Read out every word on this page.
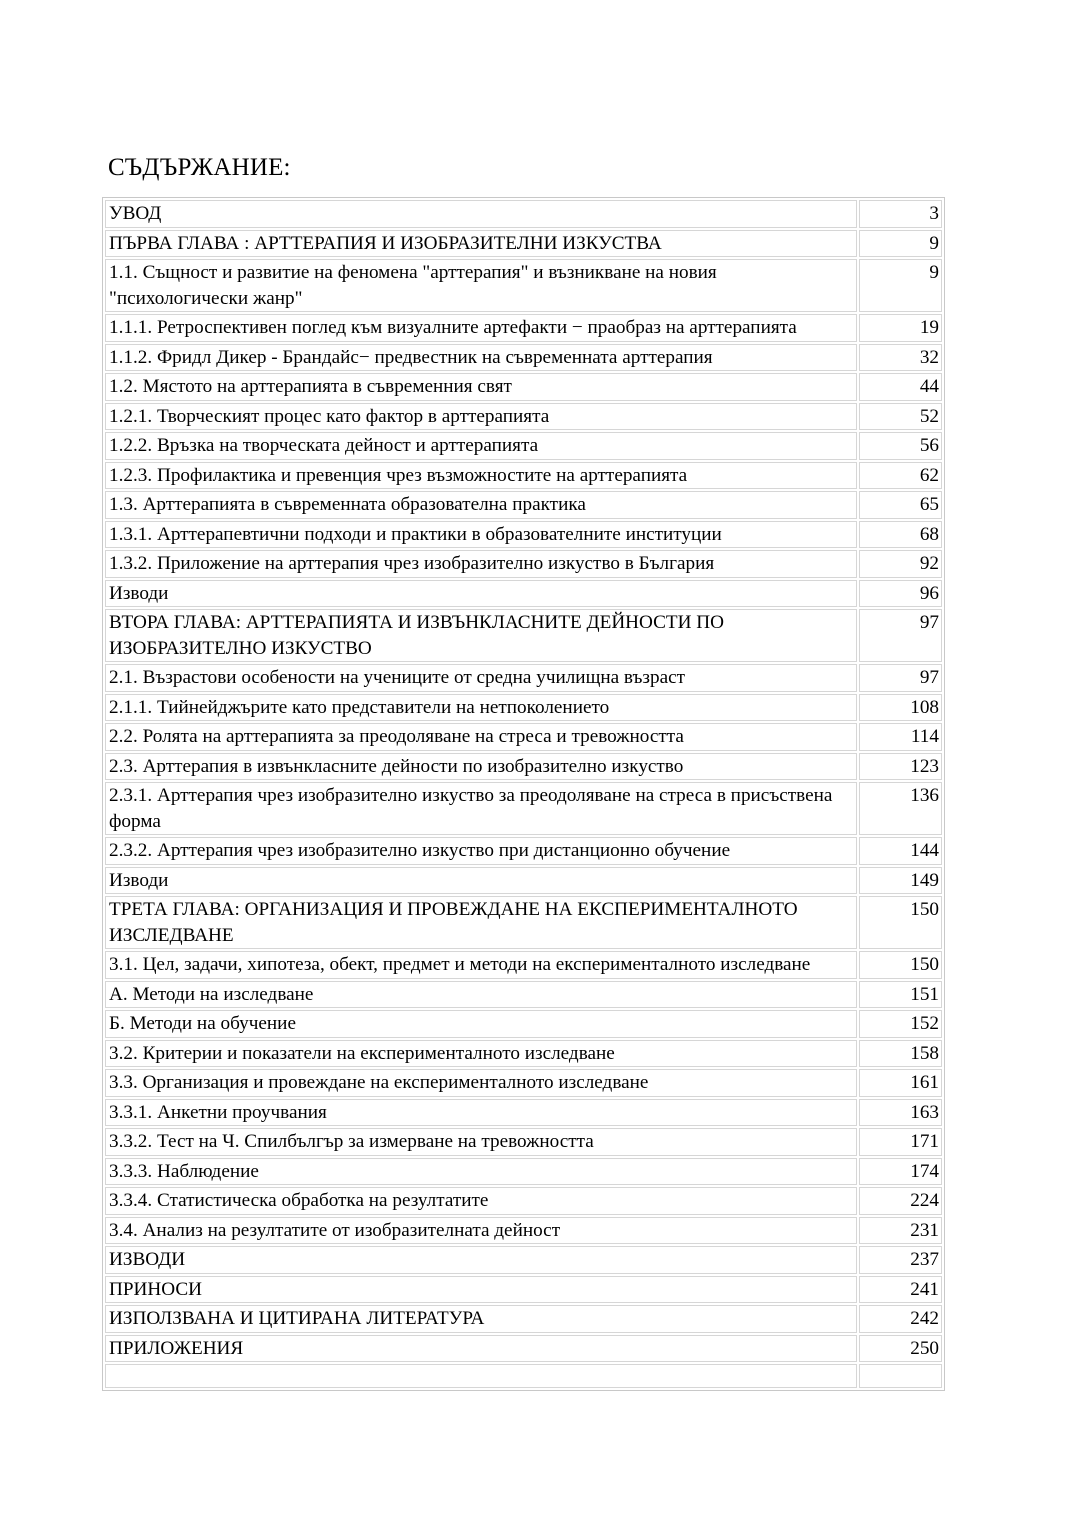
СЪДЪРЖАНИЕ:
УВОД	3
ПЪРВА ГЛАВА : АРТТЕРАПИЯ И ИЗОБРАЗИТЕЛНИ ИЗКУСТВА	9
1.1. Същност и развитие на феномена "арттерапия" и възникване на новия "психологически жанр"	9
1.1.1. Ретроспективен поглед към визуалните артефакти − праобраз на арттерапията	19
1.1.2. Фридл Дикер - Брандайс− предвестник на съвременната арттерапия	32
1.2. Мястото на арттерапията в съвременния свят	44
1.2.1. Творческият процес като фактор в арттерапията	52
1.2.2. Връзка на творческата дейност и арттерапията	56
1.2.3. Профилактика и превенция чрез възможностите на арттерапията	62
1.3. Арттерапията в съвременната образователна практика	65
1.3.1. Арттерапевтични подходи и практики в образователните институции	68
1.3.2. Приложение на арттерапия чрез изобразително изкуство в България	92
Изводи	96
ВТОРА ГЛАВА: АРТТЕРАПИЯТА И ИЗВЪНКЛАСНИТЕ ДЕЙНОСТИ ПО ИЗОБРАЗИТЕЛНО ИЗКУСТВО	97
2.1. Възрастови особености на учениците от средна училищна възраст	97
2.1.1. Тийнейджърите като представители на нетпоколението	108
2.2. Ролята на арттерапията за преодоляване на стреса и тревожността	114
2.3. Арттерапия в извънкласните дейности по изобразително изкуство	123
2.3.1. Арттерапия чрез изобразително изкуство за преодоляване на стреса в присъствена форма	136
2.3.2. Арттерапия чрез изобразително изкуство при дистанционно обучение	144
Изводи	149
ТРЕТА ГЛАВА: ОРГАНИЗАЦИЯ И ПРОВЕЖДАНЕ НА ЕКСПЕРИМЕНТАЛНОТО ИЗСЛЕДВАНЕ	150
3.1. Цел, задачи, хипотеза, обект, предмет и методи на експерименталното изследване	150
А. Методи на изследване	151
Б. Методи на обучение	152
3.2. Критерии и показатели на експерименталното изследване	158
3.3. Организация и провеждане на експерименталното изследване	161
3.3.1. Анкетни проучвания	163
3.3.2. Тест на Ч. Спилбългър за измерване на тревожността	171
3.3.3. Наблюдение	174
3.3.4. Статистическа обработка на резултатите	224
3.4. Анализ на резултатите от изобразителната дейност	231
ИЗВОДИ	237
ПРИНОСИ	241
ИЗПОЛЗВАНА И ЦИТИРАНА ЛИТЕРАТУРА	242
ПРИЛОЖЕНИЯ	250
